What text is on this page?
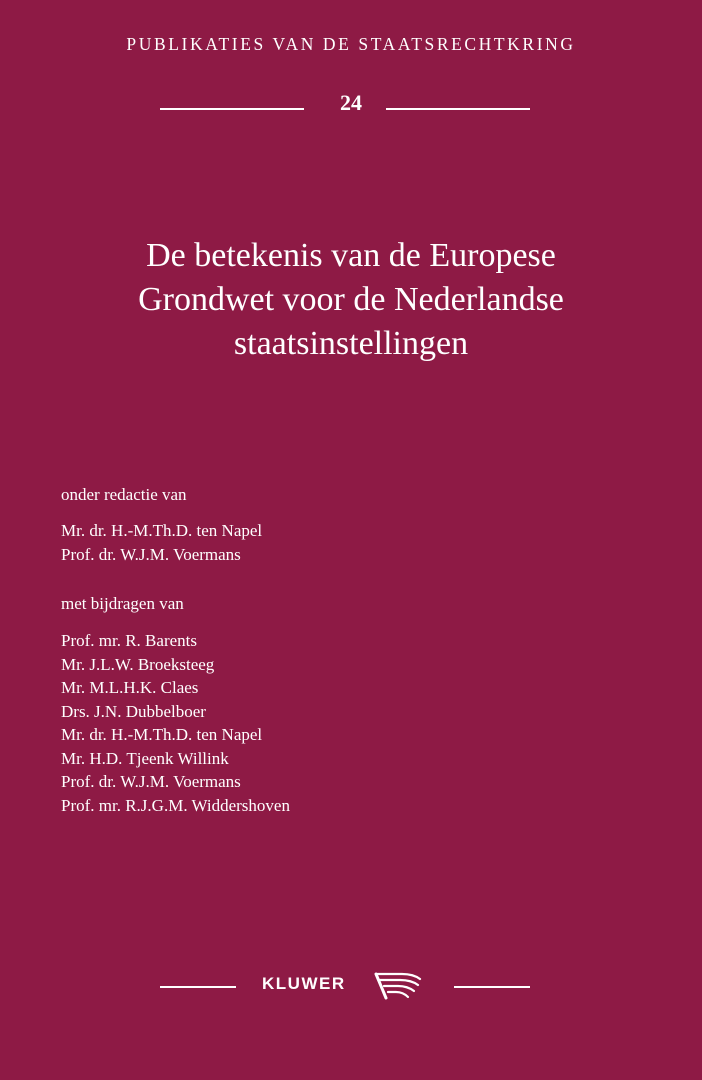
PUBLIKATIES VAN DE STAATSRECHTKRING
24
De betekenis van de Europese
Grondwet voor de Nederlandse
staatsinstellingen
onder redactie van
Mr. dr. H.-M.Th.D. ten Napel
Prof. dr. W.J.M. Voermans
met bijdragen van
Prof. mr. R. Barents
Mr. J.L.W. Broeksteeg
Mr. M.L.H.K. Claes
Drs. J.N. Dubbelboer
Mr. dr. H.-M.Th.D. ten Napel
Mr. H.D. Tjeenk Willink
Prof. dr. W.J.M. Voermans
Prof. mr. R.J.G.M. Widdershoven
KLUWER
